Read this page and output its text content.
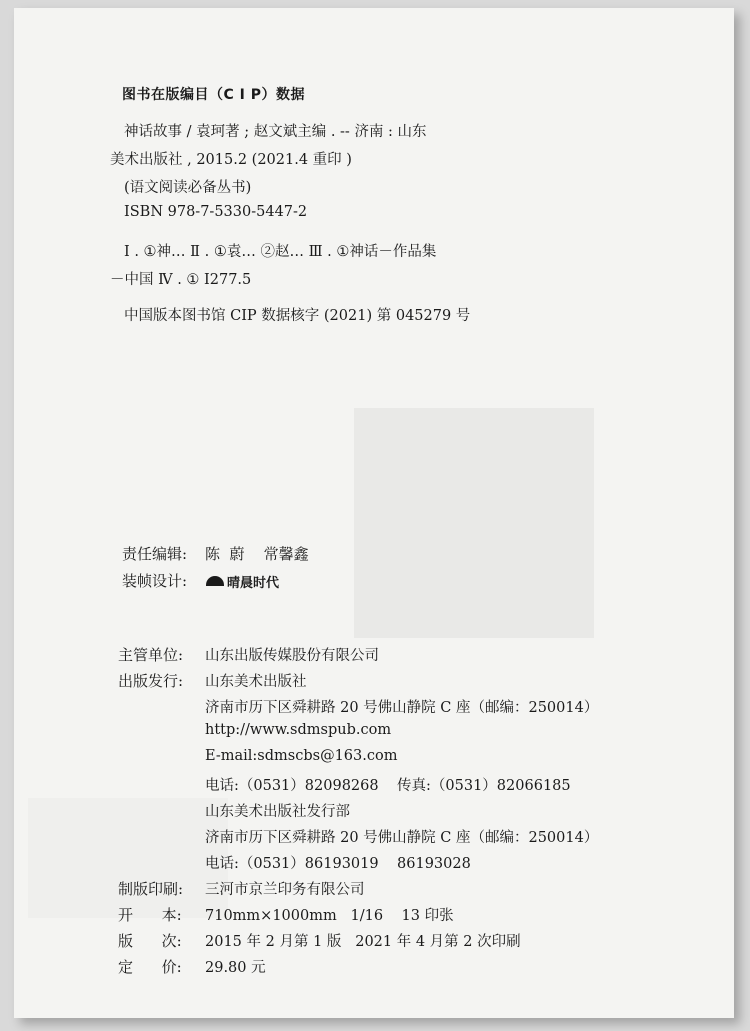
图书在版编目（C I P）数据
神话故事 / 袁珂著 ; 赵文斌主编 . -- 济南 : 山东
美术出版社 , 2015.2 (2021.4 重印 )
(语文阅读必备丛书)
ISBN 978-7-5330-5447-2
Ⅰ . ①神… Ⅱ . ①袁… ②赵… Ⅲ . ①神话－作品集
－中国 Ⅳ . ① I277.5
中国版本图书馆 CIP 数据核字 (2021) 第 045279 号
责任编辑: 陈  蔚    常馨鑫
装帧设计:	晴晨时代
主管单位: 山东出版传媒股份有限公司
出版发行: 山东美术出版社
济南市历下区舜耕路 20 号佛山静院 C 座（邮编：250014）
http://www.sdmspub.com
E-mail:sdmscbs@163.com
电话:（0531）82098268    传真:（0531）82066185
山东美术出版社发行部
济南市历下区舜耕路 20 号佛山静院 C 座（邮编：250014）
电话:（0531）86193019    86193028
制版印刷: 三河市京兰印务有限公司
开      本: 710mm×1000mm   1/16    13 印张
版      次: 2015 年 2 月第 1 版   2021 年 4 月第 2 次印刷
定      价: 29.80 元
